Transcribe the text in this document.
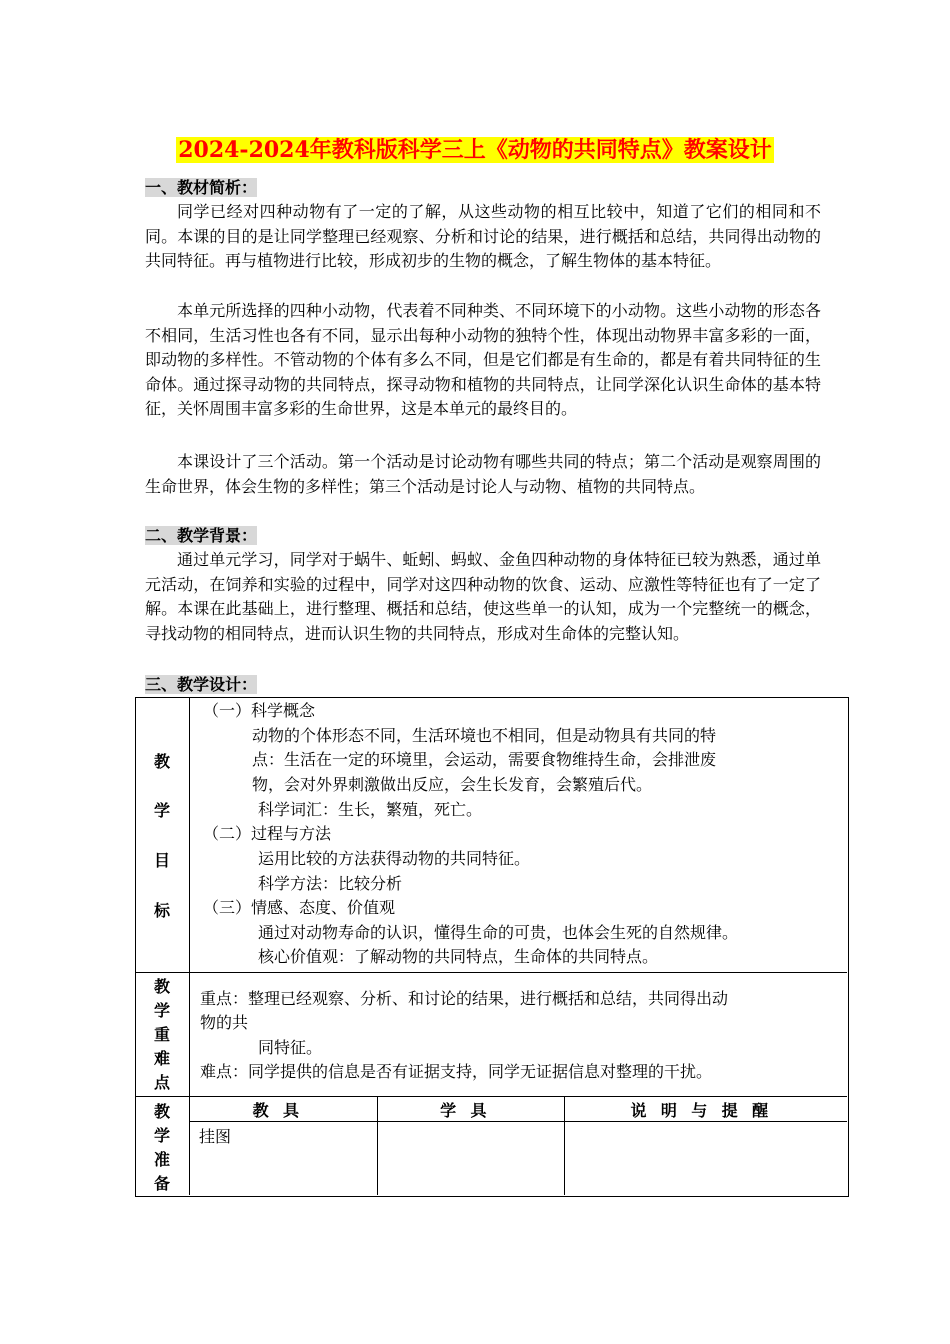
2024-2024年教科版科学三上《动物的共同特点》教案设计
一、教材简析：

同学已经对四种动物有了一定的了解，从这些动物的相互比较中，知道了它们的相同和不同。本课的目的是让同学整理已经观察、分析和讨论的结果，进行概括和总结，共同得出动物的共同特征。再与植物进行比较，形成初步的生物的概念，了解生物体的基本特征。

本单元所选择的四种小动物，代表着不同种类、不同环境下的小动物。这些小动物的形态各不相同，生活习性也各有不同，显示出每种小动物的独特个性，体现出动物界丰富多彩的一面，即动物的多样性。不管动物的个体有多么不同，但是它们都是有生命的，都是有着共同特征的生命体。通过探寻动物的共同特点，探寻动物和植物的共同特点，让同学深化认识生命体的基本特征，关怀周围丰富多彩的生命世界，这是本单元的最终目的。

本课设计了三个活动。第一个活动是讨论动物有哪些共同的特点；第二个活动是观察周围的生命世界，体会生物的多样性；第三个活动是讨论人与动物、植物的共同特点。

二、教学背景：

通过单元学习，同学对于蜗牛、蚯蚓、蚂蚁、金鱼四种动物的身体特征已较为熟悉，通过单元活动，在饲养和实验的过程中，同学对这四种动物的饮食、运动、应激性等特征也有了一定了解。本课在此基础上，进行整理、概括和总结，使这些单一的认知，成为一个完整统一的概念，寻找动物的相同特点，进而认识生物的共同特点，形成对生命体的完整认知。

三、教学设计：
教
学
目
标
（一）科学概念
动物的个体形态不同，生活环境也不相同，但是动物具有共同的特
点：生活在一定的环境里，会运动，需要食物维持生命，会排泄废
物，会对外界刺激做出反应，会生长发育，会繁殖后代。
科学词汇：生长，繁殖，死亡。
（二）过程与方法
运用比较的方法获得动物的共同特征。
科学方法：比较分析
（三）情感、态度、价值观
通过对动物寿命的认识，懂得生命的可贵，也体会生死的自然规律。
核心价值观：了解动物的共同特点，生命体的共同特点。
教
学
重
难
点
重点：整理已经观察、分析、和讨论的结果，进行概括和总结，共同得出动
物的共
同特征。
难点：同学提供的信息是否有证据支持，同学无证据信息对整理的干扰。
教
学
准
备
教具	学具	说明与提醒
挂图
